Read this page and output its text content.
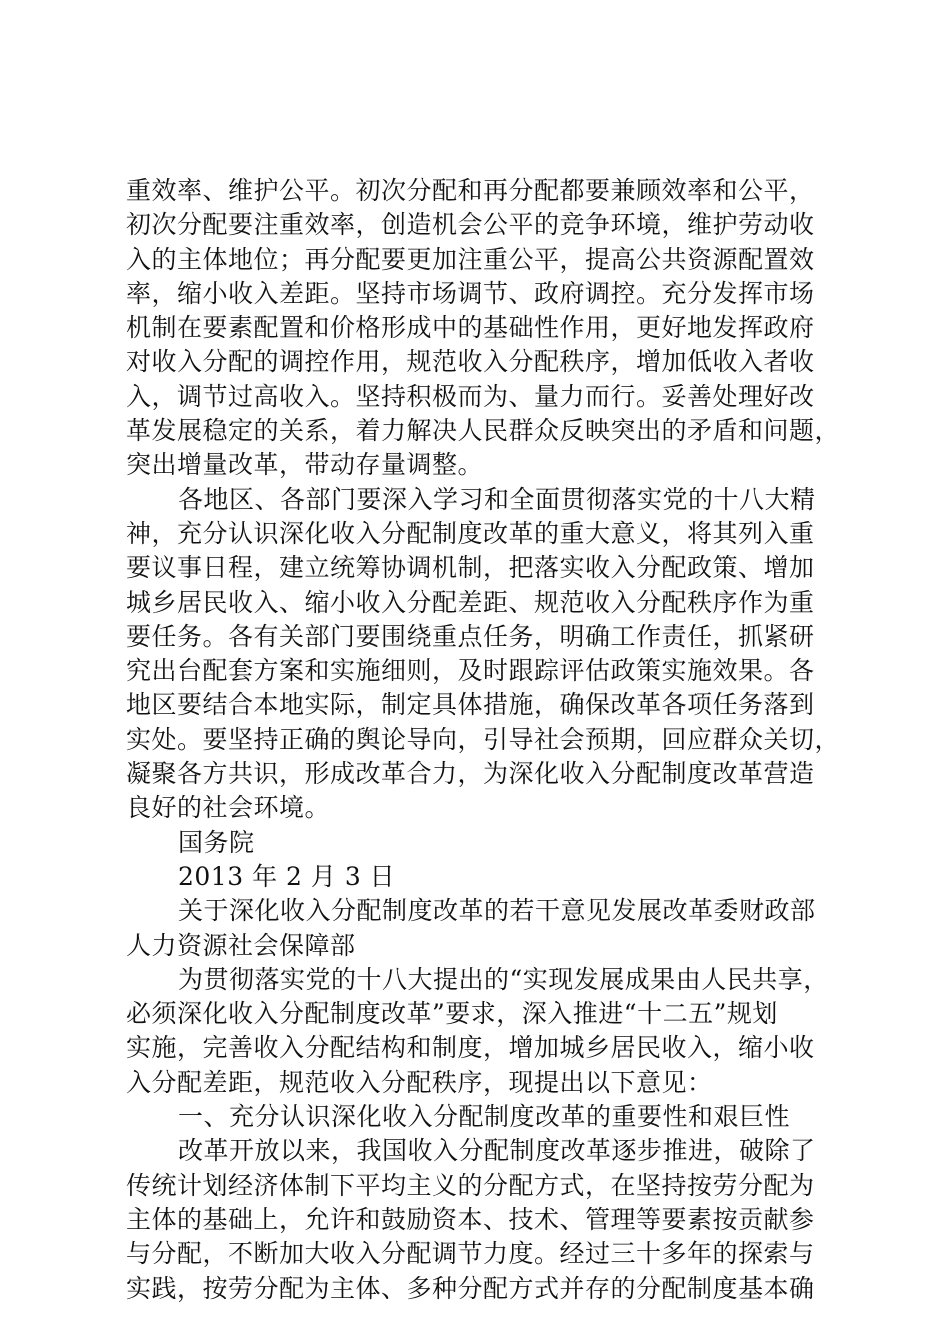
重效率、维护公平。初次分配和再分配都要兼顾效率和公平，
初次分配要注重效率，创造机会公平的竞争环境，维护劳动收
入的主体地位；再分配要更加注重公平，提高公共资源配置效
率，缩小收入差距。坚持市场调节、政府调控。充分发挥市场
机制在要素配置和价格形成中的基础性作用，更好地发挥政府
对收入分配的调控作用，规范收入分配秩序，增加低收入者收
入，调节过高收入。坚持积极而为、量力而行。妥善处理好改
革发展稳定的关系，着力解决人民群众反映突出的矛盾和问题，
突出增量改革，带动存量调整。
各地区、各部门要深入学习和全面贯彻落实党的十八大精
神，充分认识深化收入分配制度改革的重大意义，将其列入重
要议事日程，建立统筹协调机制，把落实收入分配政策、增加
城乡居民收入、缩小收入分配差距、规范收入分配秩序作为重
要任务。各有关部门要围绕重点任务，明确工作责任，抓紧研
究出台配套方案和实施细则，及时跟踪评估政策实施效果。各
地区要结合本地实际，制定具体措施，确保改革各项任务落到
实处。要坚持正确的舆论导向，引导社会预期，回应群众关切，
凝聚各方共识，形成改革合力，为深化收入分配制度改革营造
良好的社会环境。
国务院
2013 年 2 月 3 日
关于深化收入分配制度改革的若干意见发展改革委财政部
人力资源社会保障部
为贯彻落实党的十八大提出的“实现发展成果由人民共享，
必须深化收入分配制度改革”要求，深入推进“十二五”规划
实施，完善收入分配结构和制度，增加城乡居民收入，缩小收
入分配差距，规范收入分配秩序，现提出以下意见：
一、充分认识深化收入分配制度改革的重要性和艰巨性
改革开放以来，我国收入分配制度改革逐步推进，破除了
传统计划经济体制下平均主义的分配方式，在坚持按劳分配为
主体的基础上，允许和鼓励资本、技术、管理等要素按贡献参
与分配，不断加大收入分配调节力度。经过三十多年的探索与
实践，按劳分配为主体、多种分配方式并存的分配制度基本确
